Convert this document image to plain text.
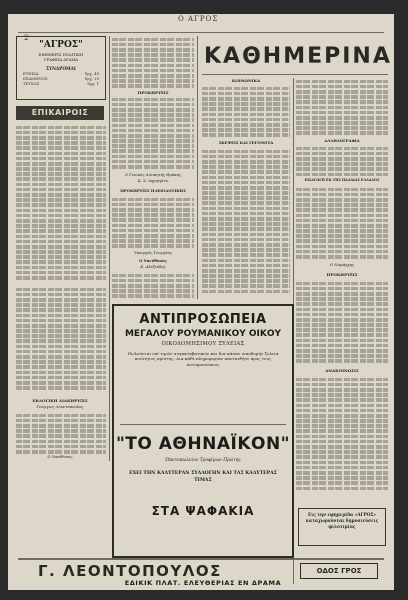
2
Ο ΑΓΡΟΣ
"ΑΓΡΟΣ"
ΕΦΗΜΕΡΙΣ ΠΟΛΙΤΙΚΗ
ΓΡΑΦΕΙΑ ΔΡΑΜΑ
ΣΥΝΔΡΟΜΑΙ
ΕΤΗΣΙΑ	δρχ. 40
ΕΞΑΜΗΝΟΣ	δρχ. 20
ΤΕΥΧΟΣ	δρχ. 1
ΕΠΙΚΑΙΡΟΙΣ
ΕΚΛΟΓΙΚΗ ΔΙΑΚΗΡΥΞΙΣ
Γεώργιος Λεοντόπουλος
Ο Υπεύθυνος
ΠΡΟΚΗΡΥΞΙΣ
Ο Γενικός Διοικητής Θράκης
Κ. Σ. Δημητρίου
ΠΡΟΚΗΡΥΞΙΣ ΠΛΕΙΟΔΟΤΙΚΗΣ
Υπουργός Γεωργίας
Ο Υπεύθυνος
Κ. Αλεξιάδης
ΚΑΘΗΜΕΡΙΝΑ
ΚΟΙΝΩΝΙΚΑ
ΣΚΕΨΕΙΣ ΚΑΙ ΓΕΓΟΝΟΤΑ	ΑΛΛΗΛΟΓΡΑΦΙΑ
ΕΙΣΑΓΩΓΗ ΕΚ ΤΗΣ ΠΑΛΑΙΑΣ ΕΛΛΑΔΟΣ
Ο Νομάρχης
ΠΡΟΚΗΡΥΞΙΣ
ΑΝΑΚΟΙΝΩΣΙΣ
Εις την εφημερίδα «ΑΓΡΟΣ» καταχωρούνται δημοσιεύσεις φιλοτιμίας
ΑΝΤΙΠΡΟΣΩΠΕΙΑ
ΜΕΓΑΛΟΥ ΡΟΥΜΑΝΙΚΟΥ ΟΙΚΟΥ
ΟΙΚΟΔΟΜΗΣΙΜΟΥ ΞΥΛΕΙΑΣ
Πωλούνται επί τιμών συγκαταβατικών και δια πάσαν οικοδομήν ξυλεία ποιότητος αρίστης. Δια κάθε πληροφορίαν αποτανθήτε προς τους αντιπροσώπους
"ΤΟ ΑΘΗΝΑΪΚΟΝ"
Παντοπωλείον Τροφίμων Πρώτης
ΕΧΕΙ ΤΗΝ ΚΑΛΥΤΕΡΑΝ ΣΥΛΛΟΓΗΝ ΚΑΙ ΤΑΣ ΚΑΛΥΤΕΡΑΣ ΤΙΜΑΣ
ΣΤΑ ΨΑΦΑΚΙΑ
Γ. ΛΕΟΝΤΟΠΟΥΛΟΣ	ΟΔΟΣ ΓΡΟΣ
ΕΔΙΚΙΚ ΠΛΑΤ. ΕΛΕΥΘΕΡΙΑΣ ΕΝ ΔΡΑΜΑ
